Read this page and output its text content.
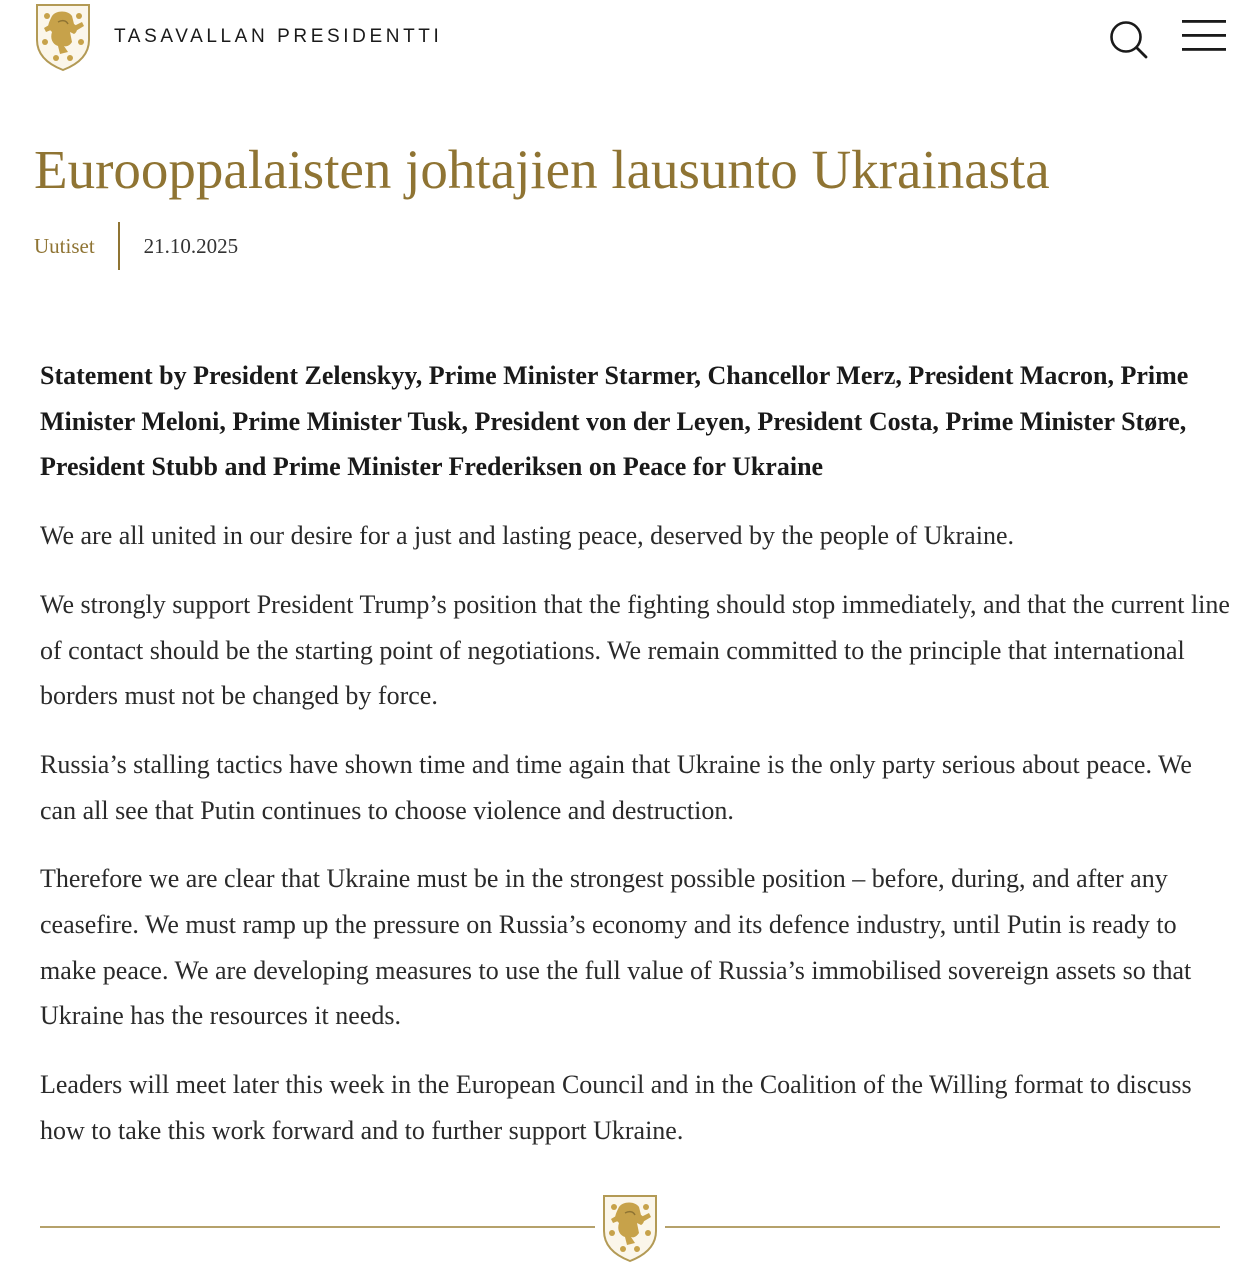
TASAVALLAN PRESIDENTTI
Eurooppalaisten johtajien lausunto Ukrainasta
Uutiset 21.10.2025

Statement by President Zelenskyy, Prime Minister Starmer, Chancellor Merz, President Macron, Prime Minister Meloni, Prime Minister Tusk, President von der Leyen, President Costa, Prime Minister Støre, President Stubb and Prime Minister Frederiksen on Peace for Ukraine

We are all united in our desire for a just and lasting peace, deserved by the people of Ukraine.

We strongly support President Trump’s position that the fighting should stop immediately, and that the current line of contact should be the starting point of negotiations. We remain committed to the principle that international borders must not be changed by force.

Russia’s stalling tactics have shown time and time again that Ukraine is the only party serious about peace. We can all see that Putin continues to choose violence and destruction.

Therefore we are clear that Ukraine must be in the strongest possible position – before, during, and after any ceasefire. We must ramp up the pressure on Russia’s economy and its defence industry, until Putin is ready to make peace. We are developing measures to use the full value of Russia’s immobilised sovereign assets so that Ukraine has the resources it needs.

Leaders will meet later this week in the European Council and in the Coalition of the Willing format to discuss how to take this work forward and to further support Ukraine.
